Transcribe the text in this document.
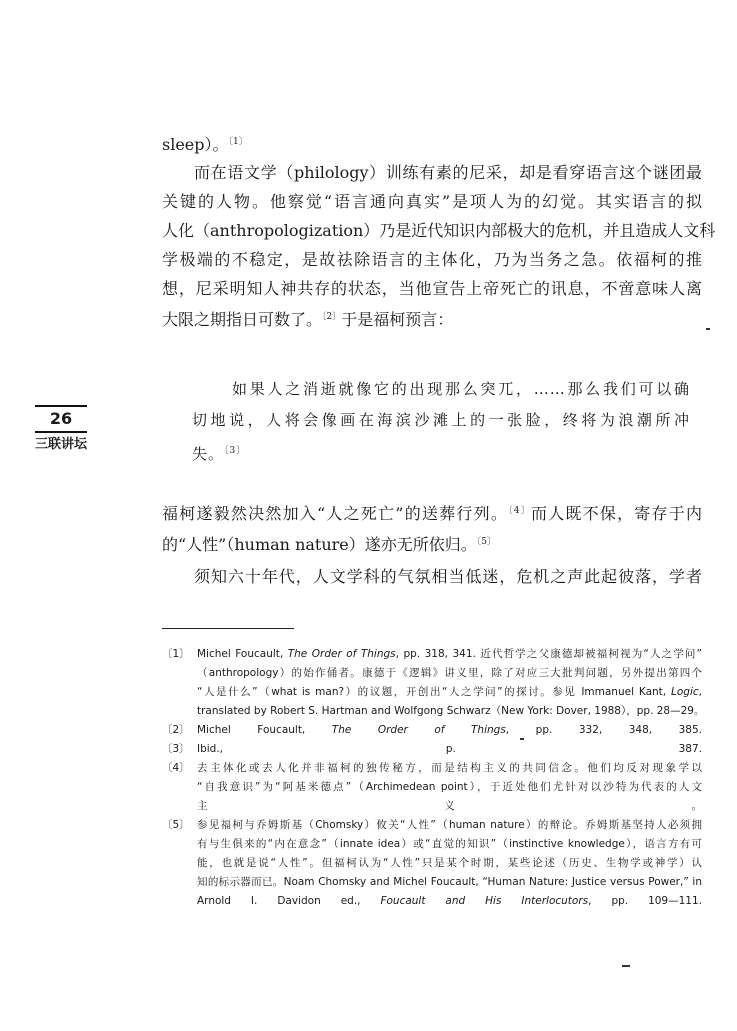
26
三联讲坛

sleep）。$^{〔1〕}$

而在语文学（philology）训练有素的尼采，却是看穿语言这个谜团最
关键的人物。他察觉“语言通向真实”是项人为的幻觉。其实语言的拟
人化（anthropologization）乃是近代知识内部极大的危机，并且造成人文科
学极端的不稳定，是故祛除语言的主体化，乃为当务之急。依福柯的推
想，尼采明知人神共存的状态，当他宣告上帝死亡的讯息，不啻意味人离
大限之期指日可数了。$^{〔2〕}$于是福柯预言：
如果人之消逝就像它的出现那么突兀，……那么我们可以确
切地说，人将会像画在海滨沙滩上的一张脸，终将为浪潮所冲
失。$^{〔3〕}$
福柯遂毅然决然加入“人之死亡”的送葬行列。$^{〔4〕}$而人既不保，寄存于内
的“人性”（human nature）遂亦无所依归。$^{〔5〕}$
须知六十年代，人文学科的气氛相当低迷，危机之声此起彼落，学者
〔1〕 Michel Foucault, The Order of Things, pp. 318, 341. 近代哲学之父康德却被福柯视为“人之学问”
（anthropology）的始作俑者。康德于《逻辑》讲义里，除了对应三大批判问题，另外提出第四个
“人是什么”（what is man?）的议题，开创出“人之学问”的探讨。参见 Immanuel Kant, Logic,
translated by Robert S. Hartman and Wolfgong Schwarz（New York: Dover, 1988），pp. 28—29。
〔2〕 Michel Foucault, The Order of Things, pp. 332, 348, 385.
〔3〕 Ibid., p. 387.
〔4〕 去主体化或去人化并非福柯的独传秘方，而是结构主义的共同信念。他们均反对现象学以
“自我意识”为“阿基米德点”（Archimedean point），于近处他们尤针对以沙特为代表的人文
主义。
〔5〕 参见福柯与乔姆斯基（Chomsky）攸关“人性”（human nature）的辩论。乔姆斯基坚持人必须拥
有与生俱来的“内在意念”（innate idea）或“直觉的知识”（instinctive knowledge），语言方有可
能，也就是说“人性”。但福柯认为“人性”只是某个时期，某些论述（历史、生物学或神学）认
知的标示器而已。Noam Chomsky and Michel Foucault, “Human Nature: Justice versus Power,” in
Arnold I. Davidon ed., Foucault and His Interlocutors, pp. 109—111.
